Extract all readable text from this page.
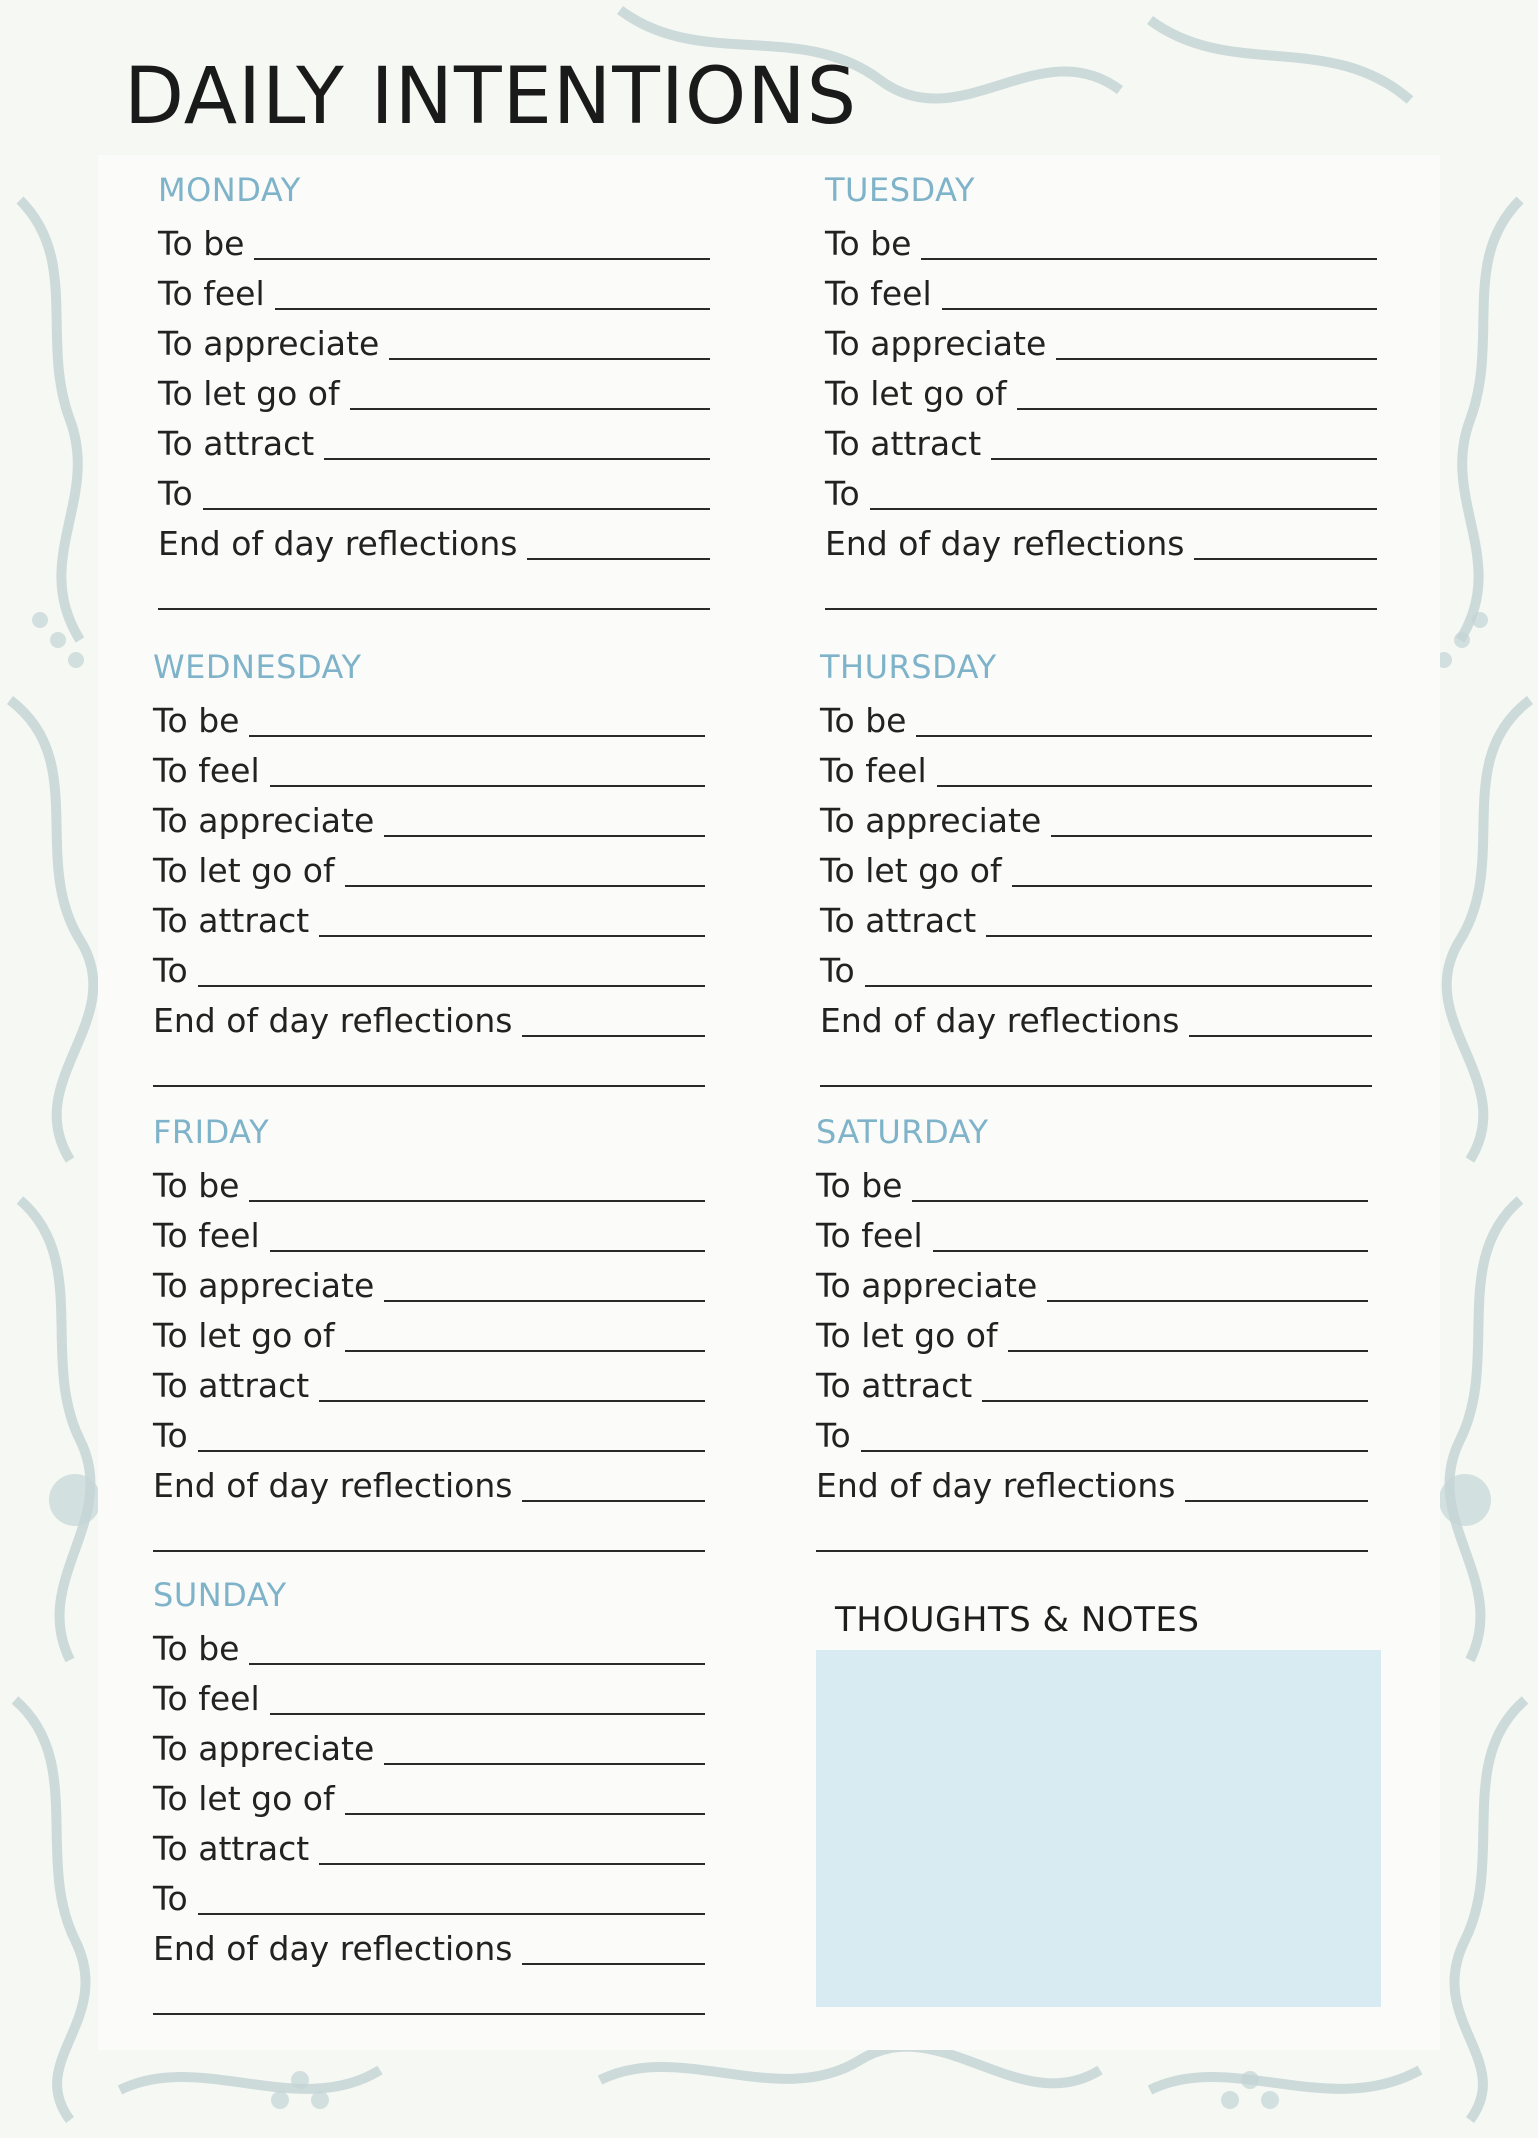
DAILY INTENTIONS
MONDAY
To be
To feel
To appreciate
To let go of
To attract
To
End of day reflections
TUESDAY
To be
To feel
To appreciate
To let go of
To attract
To
End of day reflections
WEDNESDAY
To be
To feel
To appreciate
To let go of
To attract
To
End of day reflections
THURSDAY
To be
To feel
To appreciate
To let go of
To attract
To
End of day reflections
FRIDAY
To be
To feel
To appreciate
To let go of
To attract
To
End of day reflections
SATURDAY
To be
To feel
To appreciate
To let go of
To attract
To
End of day reflections
SUNDAY
To be
To feel
To appreciate
To let go of
To attract
To
End of day reflections
THOUGHTS & NOTES
